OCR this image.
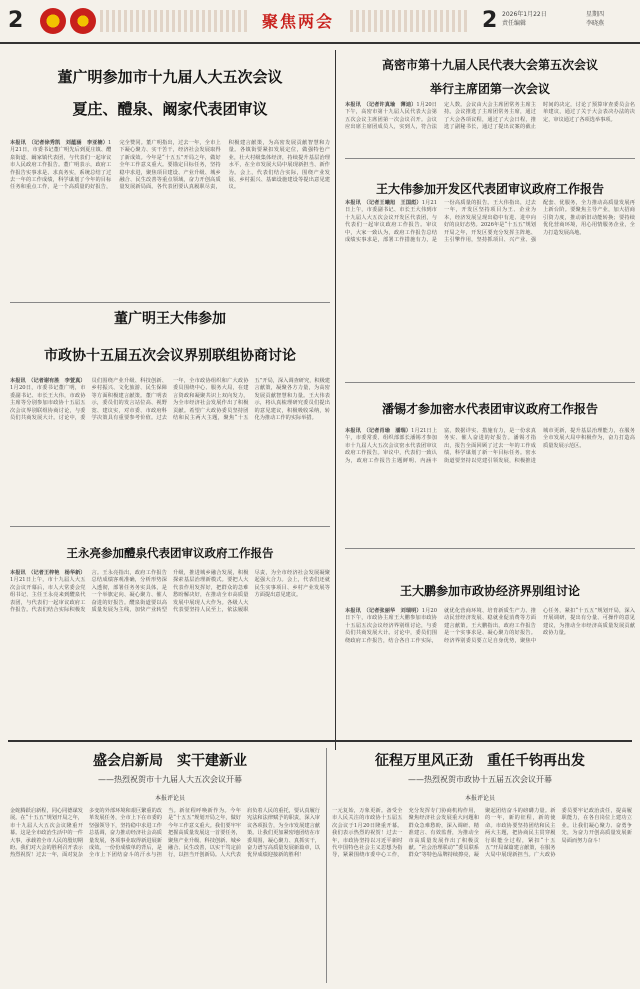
2	聚焦两会	2 2026年1月22日
责任编辑
星期四
李晓燕
董广明参加市十九届人大五次会议
夏庄、醴泉、阚家代表团审议

本报讯　（记者徐秀凯　刘蕴涵　李亚楠）1月21日，市委书记董广明先后到夏庄镇、醴泉街道、阚家镇代表团，与代表们一起审议市人民政府工作报告。董广明表示，政府工作报告实事求是、求真务实，系统总结了过去一年的工作成绩，科学谋划了今年的目标任务和重点工作，是一个高质量的好报告，完全赞同。董广明指出，过去一年，全市上下凝心聚力、实干苦干，经济社会发展取得了新成效。今年是“十五五”开局之年，做好全年工作意义重大。要锚定目标任务，坚持稳中求进，聚焦项目建设、产业升级、城乡融合、民生改善等重点领域，奋力开创高质量发展新局面。各代表团要认真履职尽责，积极建言献策，为高密发展贡献智慧和力量。各镇街要紧扣发展定位，做强特色产业，壮大村级集体经济，持续提升基层治理水平，在全市发展大局中展现新担当、新作为。会上，代表们结合实际，围绕产业发展、乡村振兴、基础设施建设等提出意见建议。

高密市第十九届人民代表大会第五次会议
举行主席团第一次会议

本报讯　（记者许真瑜　薄迪）1月20日下午，高密市第十九届人民代表大会第五次会议主席团第一次会议召开。会议应出席主席团成员人，实到人，符合法定人数。会议由大会主席团常务主席主持。会议推选了主席团常务主席，通过了大会各项议程，通过了大会日程，推选了副秘书长，通过了提出议案的截止时间的决定，讨论了预算审查委员会名单建议，通过了关于大会表决办法的决定，审议通过了各项选举事项。

王大伟参加开发区代表团审议政府工作报告

本报讯　（记者王曦旭　王国彪）1月21日上午，市委副书记、市长王大伟到市十九届人大五次会议开发区代表团，与代表们一起审议政府工作报告。审议中，大家一致认为，政府工作报告总结成绩实事求是，部署工作措施有力，是一份高质量的报告。王大伟指出，过去一年，开发区坚持项目为王、企业为本，经济发展呈现出稳中有进、进中向好的良好态势。2026年是“十五五”规划开局之年，开发区要充分发挥主阵地、主引擎作用，坚持抓项目、兴产业、强配套、优服务，全力推动高质量发展再上新台阶。要聚焦主导产业，加大招商引资力度，推动新旧动能转换；要持续优化营商环境，用心用情服务企业，全力打造发展高地。

董广明王大伟参加
市政协十五届五次会议界别联组协商讨论

本报讯　（记者谢有胜　李萱真）1月20日，市委书记董广明，市委副书记、市长王大伟，市政协主席等分别参加市政协十五届五次会议界别联组协商讨论，与委员们共商发展大计。讨论中，委员们围绕产业升级、科技创新、乡村振兴、文化旅游、民生保障等方面积极建言献策。董广明表示，委员们的发言站位高、视野宽、建议实，对市委、市政府科学决策具有重要参考价值。过去一年，全市政协组织和广大政协委员围绕中心、服务大局，在建言资政和凝聚共识上双向发力，为全市经济社会发展作出了积极贡献。希望广大政协委员坚持团结和民主两大主题，聚焦“十五五”开局，深入调查研究，积极建言献策，凝聚各方力量，为高密发展贡献智慧和力量。王大伟表示，将认真梳理研究委员们提出的意见建议，积极吸收采纳，转化为推动工作的实际举措。

潘锡才参加密水代表团审议政府工作报告

本报讯　（记者肖瑜　潘瑞）1月21日上午，市委常委、组织部部长潘锡才参加市十九届人大五次会议密水代表团审议政府工作报告。审议中，代表们一致认为，政府工作报告主题鲜明、内涵丰富，数据详实、措施有力，是一份求真务实、催人奋进的好报告。潘锡才指出，报告全面回顾了过去一年的工作成绩，科学谋划了新一年目标任务。密水街道要坚持以党建引领发展，积极推进城市更新，提升基层治理能力，在服务全市发展大局中积极作为，奋力打造高质量发展示范区。

王永亮参加醴泉代表团审议政府工作报告

本报讯　（记者王梓艳　杨华新）1月21日上午，市十九届人大五次会议开幕后，市人大常委会党组书记、主任王永亮来到醴泉代表团，与代表们一起审议政府工作报告。代表们结合实际积极发言。王永亮指出，政府工作报告总结成绩客观准确，分析形势深入透彻，部署任务务实具体，是一个举旗定向、凝心聚力、催人奋进的好报告。醴泉街道要以高质量发展为主线，加快产业转型升级，推进城乡融合发展，积极探索基层治理新模式。要把人大代表作用发挥好，把群众的急难愁盼解决好，在推动全市高质量发展中展现人大作为。各级人大代表要坚持人民至上，依法履职尽责，为全市经济社会发展凝聚起强大合力。会上，代表们还就民生实事项目、乡村产业发展等方面提出意见建议。	王大鹏参加市政协经济界别组讨论

本报讯　（记者张丽华　刘瑞明）1月20日下午，市政协主席王大鹏参加市政协十五届五次会议经济界别组讨论，与委员们共商发展大计。讨论中，委员们围绕政府工作报告，结合各自工作实际，就优化营商环境、培育新质生产力、推动民营经济发展、稳就业促消费等方面建言献策。王大鹏指出，政府工作报告是一个实事求是、凝心聚力的好报告。经济界别委员要立足自身优势，聚焦中心任务，紧扣“十五五”规划开局，深入开展调研，提出有分量、可操作的意见建议，为推动全市经济高质量发展贡献政协力量。

盛会启新局　实干建新业
——热烈祝贺市十九届人大五次会议开幕
本报评论员

金蛇腾跃启新程，同心同德谋发展。在“十五五”规划开局之年，市十九届人大五次会议隆重开幕。这是全市政治生活中的一件大事，承载着全市人民的殷切期盼。我们对大会的胜利召开表示热烈祝贺！过去一年，面对复杂多变的外部环境和艰巨繁重的改革发展任务，全市上下在市委的坚强领导下，坚持稳中求进工作总基调，奋力推动经济社会高质量发展，各项事业取得新进展新成效。一份份成绩单的背后，是全市上下团结奋斗的汗水与担当。新征程呼唤新作为。今年是“十五五”规划开局之年，做好今年工作意义重大。我们要牢牢把握高质量发展这一首要任务，聚焦产业升级、科技创新、城乡融合、民生改善，以实干笃定前行，以担当开创新局。人大代表肩负着人民的重托，要认真履行宪法和法律赋予的职责，深入审议各项报告，为全市发展建言献策。让我们更加紧密地团结在市委周围，凝心聚力、真抓实干，奋力谱写高质量发展新篇章，以优异成绩迎接新的胜利！

征程万里风正劲　重任千钧再出发
——热烈祝贺市政协十五届五次会议开幕
本报评论员

一元复始，万象更新。备受全市人民关注的市政协十五届五次会议于1月20日隆重开幕。我们表示热烈的祝贺！过去一年，市政协坚持以习近平新时代中国特色社会主义思想为指导，紧紧围绕市委中心工作，充分发挥专门协商机构作用，聚焦经济社会发展重大问题和群众急难愁盼，深入调研、精准建言、有效监督，为推动全市高质量发展作出了积极贡献。“社会治理联动”“委员联系群众”等特色品牌持续擦亮，凝聚起团结奋斗的磅礴力量。新的一年，新的征程，新的使命。市政协要坚持团结和民主两大主题，把协商民主贯穿履行职能全过程，紧扣“十五五”开局谋篇建言献策，在服务大局中展现新担当。广大政协委员要牢记政治责任，提高履职能力，在各自岗位上建功立业。让我们凝心聚力、奋勇争先，为奋力开创高质量发展新局面而努力奋斗！
